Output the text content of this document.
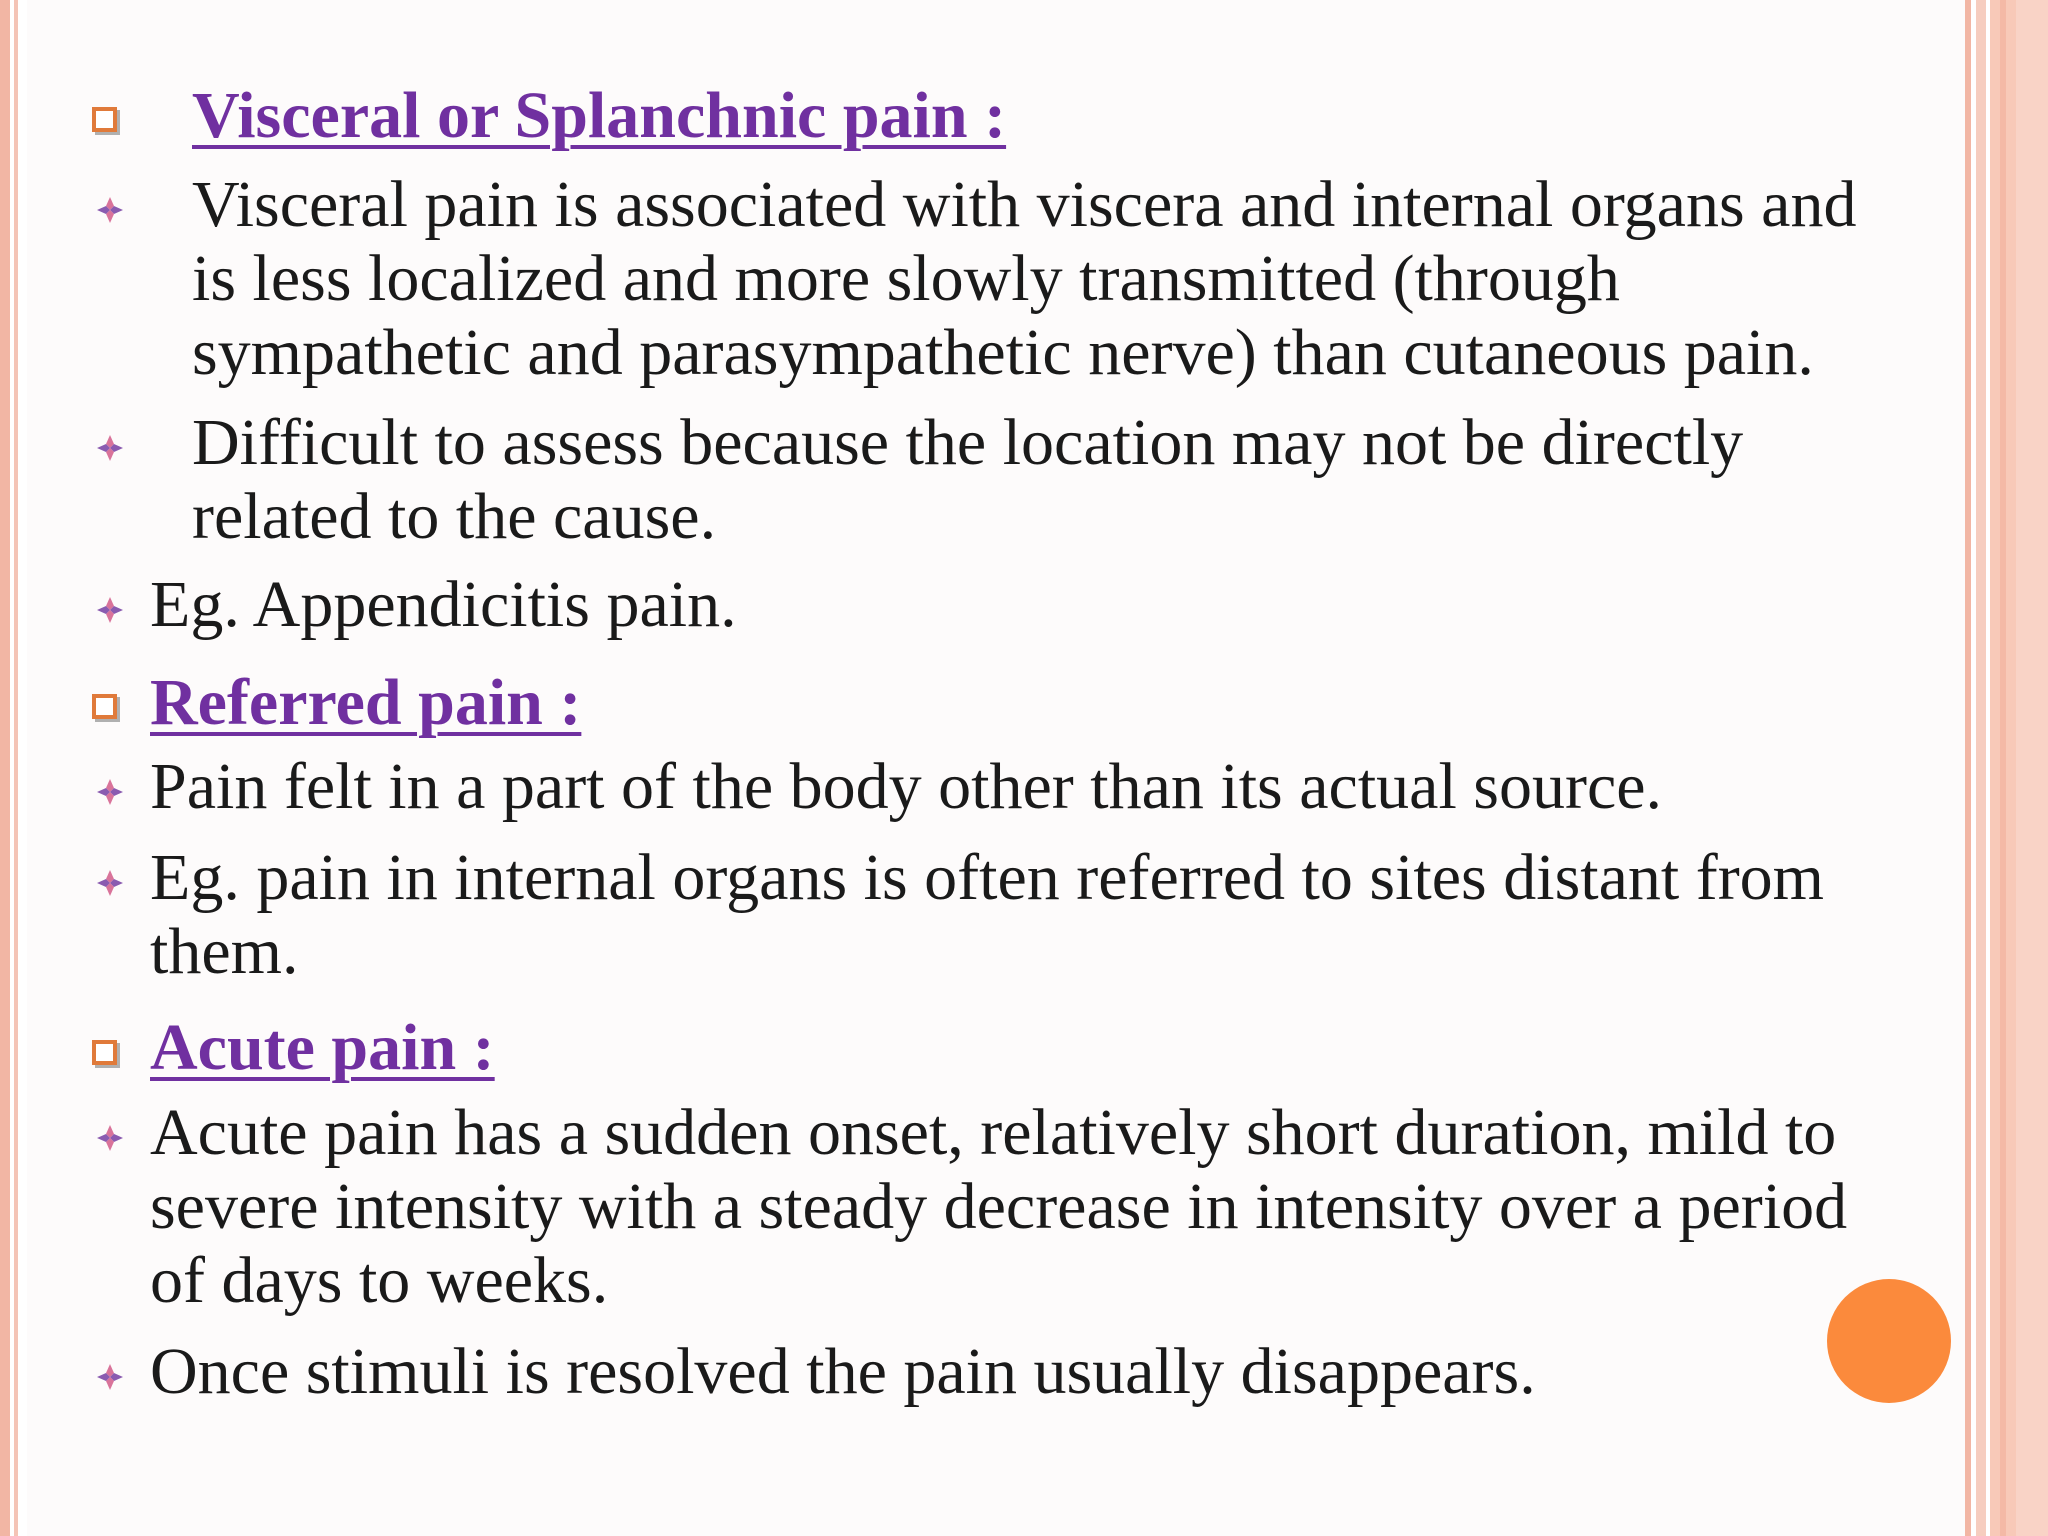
Visceral or Splanchnic pain :
Visceral pain is associated with viscera and internal organs and
is less localized and more slowly transmitted (through
sympathetic and parasympathetic nerve) than cutaneous pain.
Difficult to assess because the location may not be directly
related to the cause.
Eg. Appendicitis pain.
Referred pain :
Pain felt in a part of the body other than its actual source.
Eg. pain in internal organs is often referred to sites distant from
them.
Acute pain :
Acute pain has a sudden onset, relatively short duration, mild to
severe intensity with a steady decrease in intensity over a period
of days to weeks.
Once stimuli is resolved the pain usually disappears.
